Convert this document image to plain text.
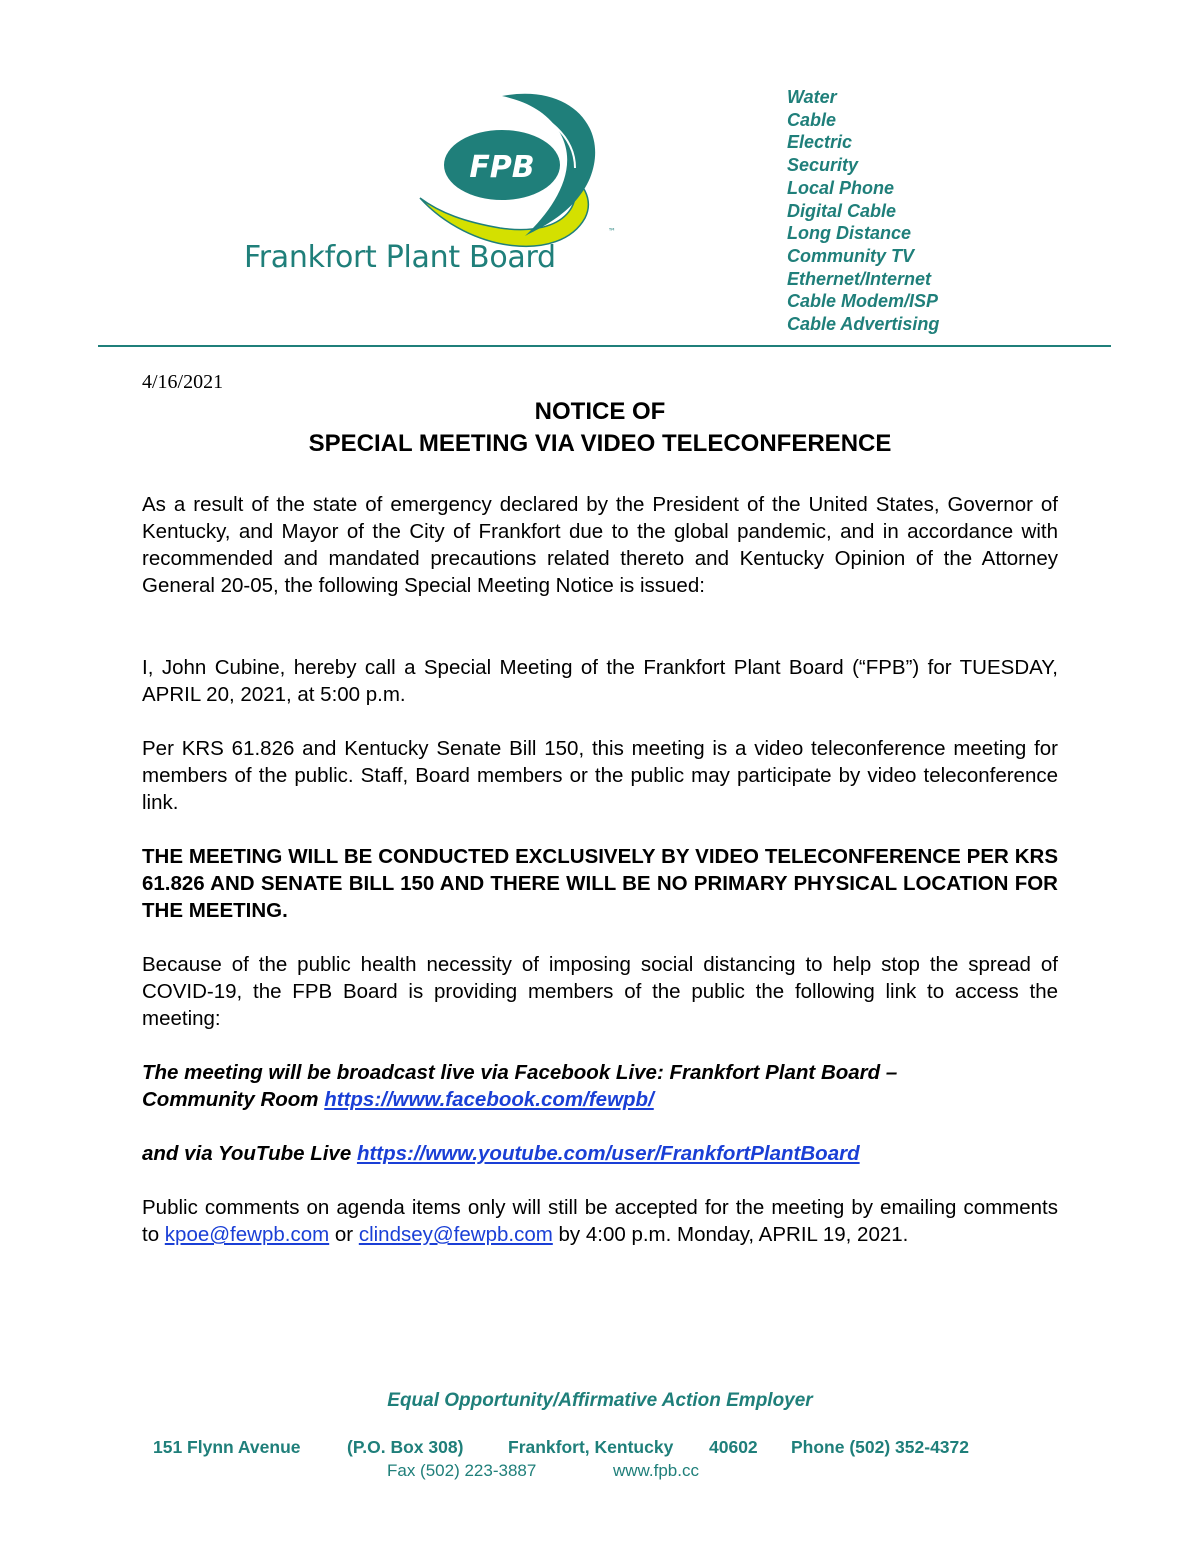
FPB
™
Frankfort Plant Board
Water
Cable
Electric
Security
Local Phone
Digital Cable
Long Distance
Community TV
Ethernet/Internet
Cable Modem/ISP
Cable Advertising
4/16/2021
NOTICE OF
SPECIAL MEETING VIA VIDEO TELECONFERENCE

As a result of the state of emergency declared by the President of the United States, Governor of Kentucky, and Mayor of the City of Frankfort due to the global pandemic, and in accordance with recommended and mandated precautions related thereto and Kentucky Opinion of the Attorney General 20-05, the following Special Meeting Notice is issued:

I, John Cubine, hereby call a Special Meeting of the Frankfort Plant Board (“FPB”) for TUESDAY, APRIL 20, 2021, at 5:00 p.m.

Per KRS 61.826 and Kentucky Senate Bill 150, this meeting is a video teleconference meeting for members of the public. Staff, Board members or the public may participate by video teleconference link.

THE MEETING WILL BE CONDUCTED EXCLUSIVELY BY VIDEO TELECONFERENCE PER KRS 61.826 AND SENATE BILL 150 AND THERE WILL BE NO PRIMARY PHYSICAL LOCATION FOR THE MEETING.

Because of the public health necessity of imposing social distancing to help stop the spread of COVID-19, the FPB Board is providing members of the public the following link to access the meeting:

The meeting will be broadcast live via Facebook Live: Frankfort Plant Board –
Community Room https://www.facebook.com/fewpb/
and via YouTube Live https://www.youtube.com/user/FrankfortPlantBoard

Public comments on agenda items only will still be accepted for the meeting by emailing comments to kpoe@fewpb.com or clindsey@fewpb.com by 4:00 p.m. Monday, APRIL 19, 2021.

Equal Opportunity/Affirmative Action Employer
151 Flynn Avenue	(P.O. Box 308)	Frankfort, Kentucky 40602 Phone (502) 352-4372
Fax (502) 223-3887	www.fpb.cc
